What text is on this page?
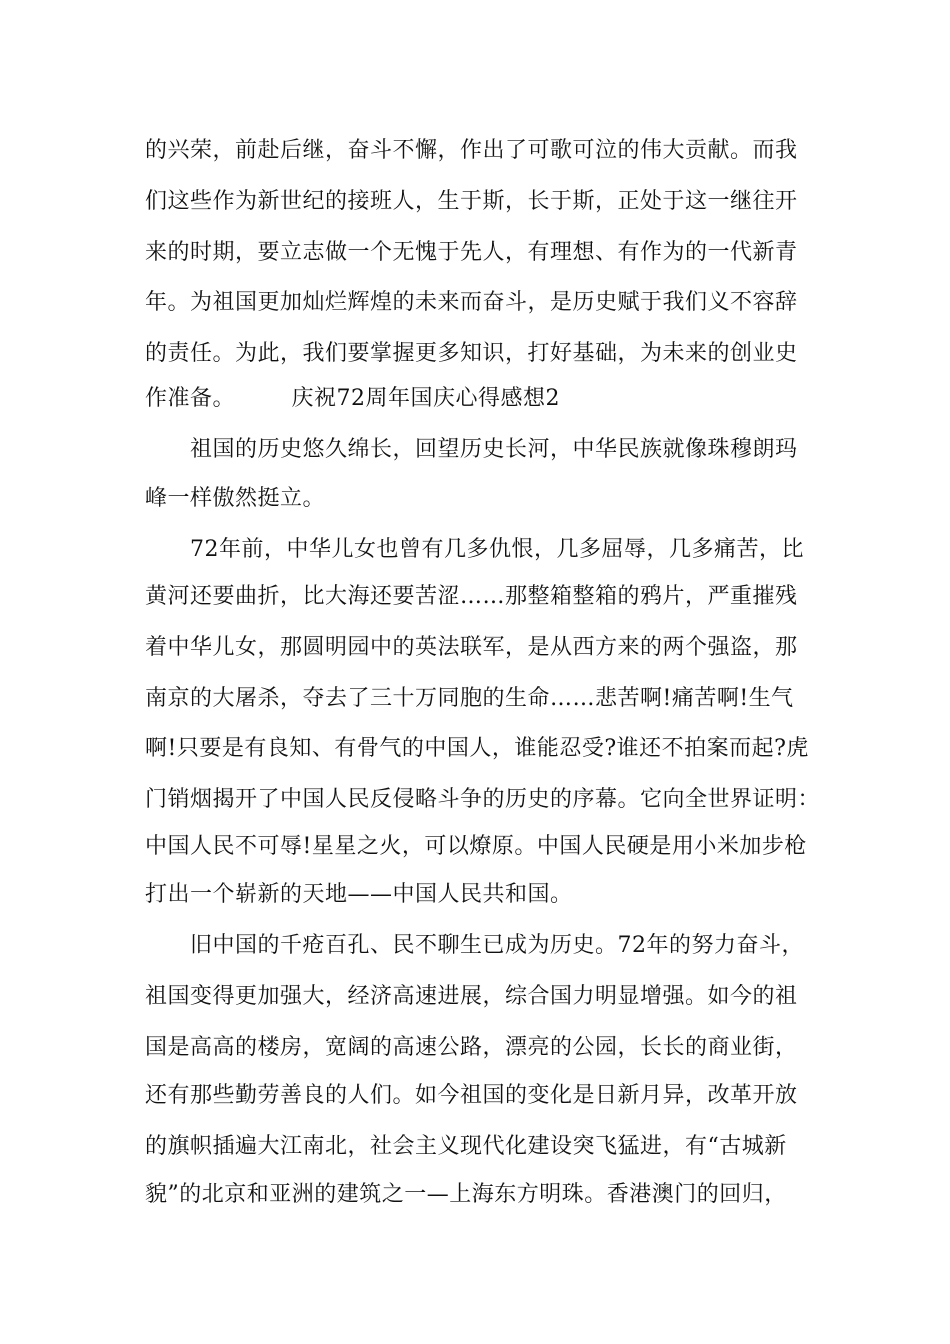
的兴荣，前赴后继，奋斗不懈，作出了可歌可泣的伟大贡献。而我

们这些作为新世纪的接班人，生于斯，长于斯，正处于这一继往开

来的时期，要立志做一个无愧于先人，有理想、有作为的一代新青

年。为祖国更加灿烂辉煌的未来而奋斗，是历史赋于我们义不容辞

的责任。为此，我们要掌握更多知识，打好基础，为未来的创业史

作准备。　　　庆祝72周年国庆心得感想2

祖国的历史悠久绵长，回望历史长河，中华民族就像珠穆朗玛

峰一样傲然挺立。

72年前，中华儿女也曾有几多仇恨，几多屈辱，几多痛苦，比

黄河还要曲折，比大海还要苦涩……那整箱整箱的鸦片，严重摧残

着中华儿女，那圆明园中的英法联军，是从西方来的两个强盗，那

南京的大屠杀，夺去了三十万同胞的生命……悲苦啊!痛苦啊!生气

啊!只要是有良知、有骨气的中国人，谁能忍受?谁还不拍案而起?虎

门销烟揭开了中国人民反侵略斗争的历史的序幕。它向全世界证明：

中国人民不可辱!星星之火，可以燎原。中国人民硬是用小米加步枪

打出一个崭新的天地——中国人民共和国。

旧中国的千疮百孔、民不聊生已成为历史。72年的努力奋斗，

祖国变得更加强大，经济高速进展，综合国力明显增强。如今的祖

国是高高的楼房，宽阔的高速公路，漂亮的公园，长长的商业街，

还有那些勤劳善良的人们。如今祖国的变化是日新月异，改革开放

的旗帜插遍大江南北，社会主义现代化建设突飞猛进，有“古城新

貌”的北京和亚洲的建筑之一—上海东方明珠。香港澳门的回归，
